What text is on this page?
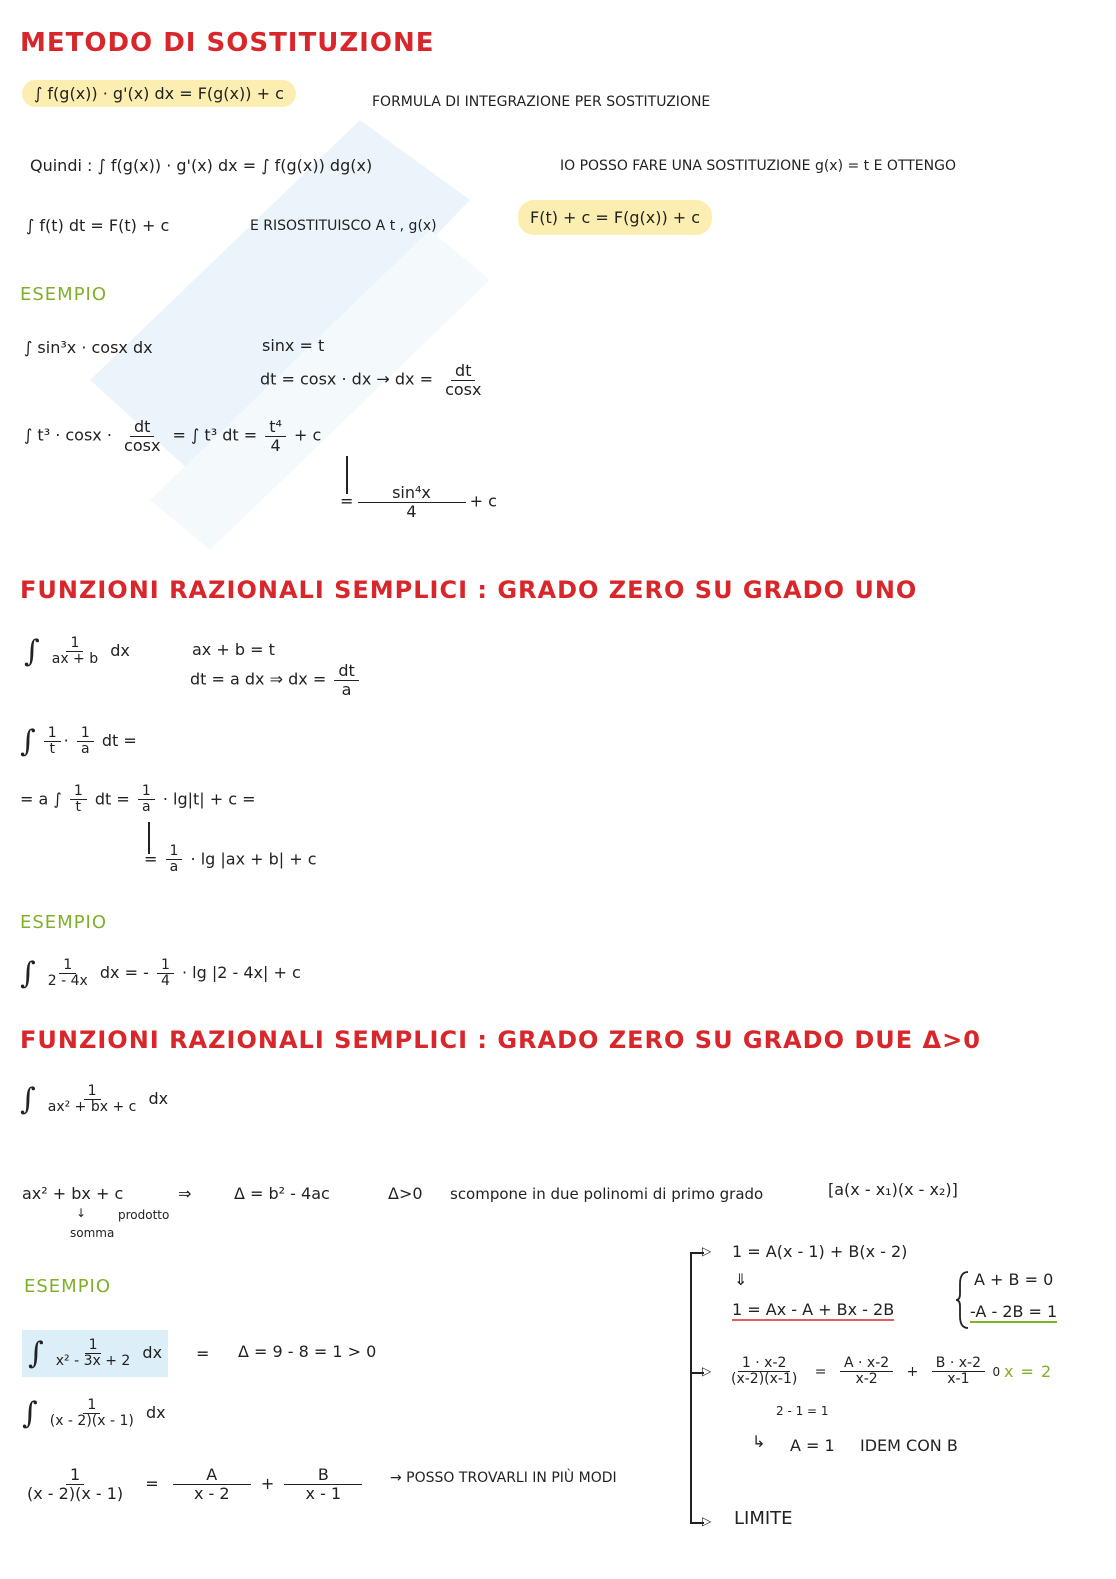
METODO DI SOSTITUZIONE
∫ f(g(x)) · g'(x) dx = F(g(x)) + c	FORMULA DI INTEGRAZIONE PER SOSTITUZIONE
Quindi : ∫ f(g(x)) · g'(x) dx = ∫ f(g(x)) dg(x)	IO POSSO FARE UNA SOSTITUZIONE g(x) = t E OTTENGO
∫ f(t) dt = F(t) + c	E RISOSTITUISCO A t , g(x)	F(t) + c = F(g(x)) + c
ESEMPIO
∫ sin³x · cosx dx	sinx = t
dt = cosx · dx → dx = $\frac{dt}{\cos x}$
∫ $t^3 \cdot \cos x \cdot \frac{dt}{\cos x}$ = ∫ t³ dt = $\frac{\text{t⁴}}{4} + c$
= $\frac{\text{sin⁴x}}{4} + c$
FUNZIONI RAZIONALI SEMPLICI : GRADO ZERO SU GRADO UNO
∫ $\frac{1}{ax + b}$ dx	ax + b = t
dt = a dx ⇒ dx = $\frac{dt}{a}$
∫ $\frac{1}{t} \cdot \frac{1}{a}$ dt =
= a ∫ $\frac{1}{t}$ dt = $\frac{1}{a} \cdot \lg|t| + c$ =
= $\frac{1}{a} \cdot \lg |ax + b| + c$
ESEMPIO
∫ $\frac{1}{2 - 4x}$ dx = - $\frac{1}{4} \cdot \lg |2 - 4x| + c$
FUNZIONI RAZIONALI SEMPLICI : GRADO ZERO SU GRADO DUE Δ>0
∫ $\frac{1}{\text{ax² + bx + c}}$ dx
ax² + bx + c	⇒	Δ = b² - 4ac	Δ>0 scompone in due polinomi di primo grado	[a(x - x₁)(x - x₂)]
↓
somma
prodotto
ESEMPIO
∫ $\frac{1}{\text{x² - 3x + 2}}$ dx	= Δ = 9 - 8 = 1 > 0
∫ $\frac{1}{(x - 2)(x - 1)}$ dx
$\frac{1}{(x - 2)(x - 1)} = \frac{A}{x - 2} + \frac{B}{x - 1}$ → POSSO TROVARLI IN PIÙ MODI
▷
▷
▷
1 = A(x - 1) + B(x - 2)
⇓
1 = Ax - A + Bx - 2B
A + B = 0
-A - 2B = 1
$\frac{1 \cdot x-2}{(x-2)(x-1)} = \frac{A \cdot x-2}{x-2} + \frac{B \cdot x-2}{x-1} 0$ x = 2
2 - 1 = 1
↳ A = 1 IDEM CON B
LIMITE
